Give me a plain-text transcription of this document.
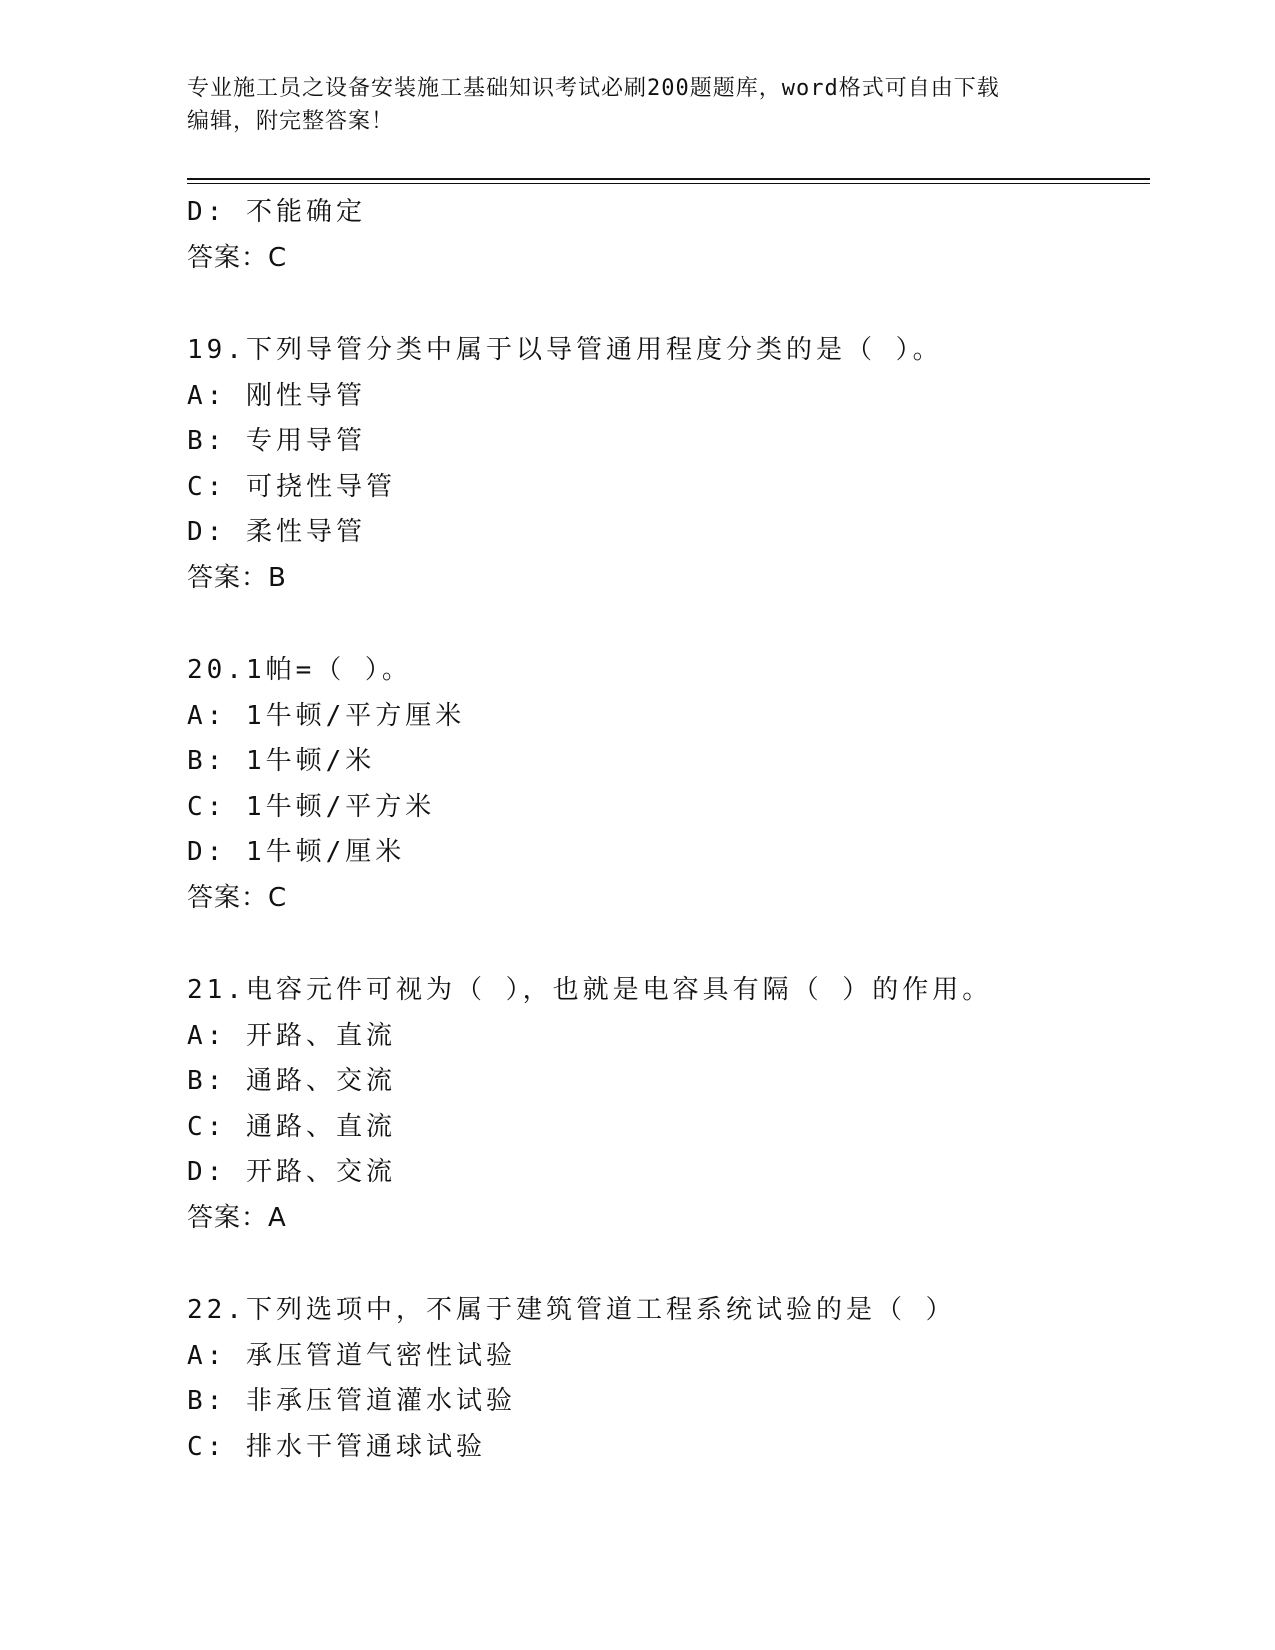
专业施工员之设备安装施工基础知识考试必刷200题题库，word格式可自由下载
编辑，附完整答案！
D: 不能确定
答案：C
19.下列导管分类中属于以导管通用程度分类的是（ ）。
A: 刚性导管
B: 专用导管
C: 可挠性导管
D: 柔性导管
答案：B
20.1帕=（ ）。
A: 1牛顿/平方厘米
B: 1牛顿/米
C: 1牛顿/平方米
D: 1牛顿/厘米
答案：C
21.电容元件可视为（ ），也就是电容具有隔（ ）的作用。
A: 开路、直流
B: 通路、交流
C: 通路、直流
D: 开路、交流
答案：A
22.下列选项中，不属于建筑管道工程系统试验的是（ ）
A: 承压管道气密性试验
B: 非承压管道灌水试验
C: 排水干管通球试验
